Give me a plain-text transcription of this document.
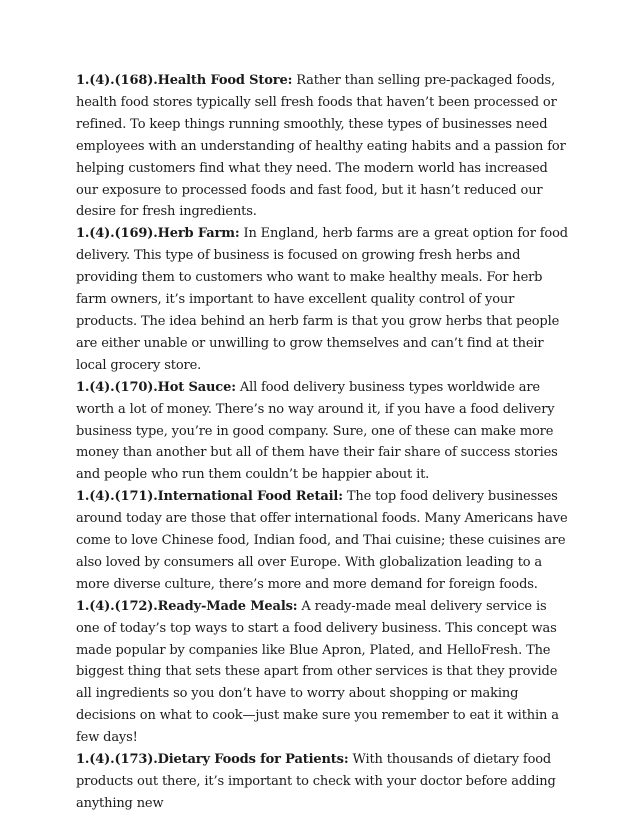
1.(4).(168).Health Food Store: Rather than selling pre-packaged foods, health food stores typically sell fresh foods that haven’t been processed or refined. To keep things running smoothly, these types of businesses need employees with an understanding of healthy eating habits and a passion for helping customers find what they need. The modern world has increased our exposure to processed foods and fast food, but it hasn’t reduced our desire for fresh ingredients.

1.(4).(169).Herb Farm: In England, herb farms are a great option for food delivery. This type of business is focused on growing fresh herbs and providing them to customers who want to make healthy meals. For herb farm owners, it’s important to have excellent quality control of your products. The idea behind an herb farm is that you grow herbs that people are either unable or unwilling to grow themselves and can’t find at their local grocery store.

1.(4).(170).Hot Sauce: All food delivery business types worldwide are worth a lot of money. There’s no way around it, if you have a food delivery business type, you’re in good company. Sure, one of these can make more money than another but all of them have their fair share of success stories and people who run them couldn’t be happier about it.

1.(4).(171).International Food Retail: The top food delivery businesses around today are those that offer international foods. Many Americans have come to love Chinese food, Indian food, and Thai cuisine; these cuisines are also loved by consumers all over Europe. With globalization leading to a more diverse culture, there’s more and more demand for foreign foods.

1.(4).(172).Ready-Made Meals: A ready-made meal delivery service is one of today’s top ways to start a food delivery business. This concept was made popular by companies like Blue Apron, Plated, and HelloFresh. The biggest thing that sets these apart from other services is that they provide all ingredients so you don’t have to worry about shopping or making decisions on what to cook—just make sure you remember to eat it within a few days!

1.(4).(173).Dietary Foods for Patients: With thousands of dietary food products out there, it’s important to check with your doctor before adding anything new
